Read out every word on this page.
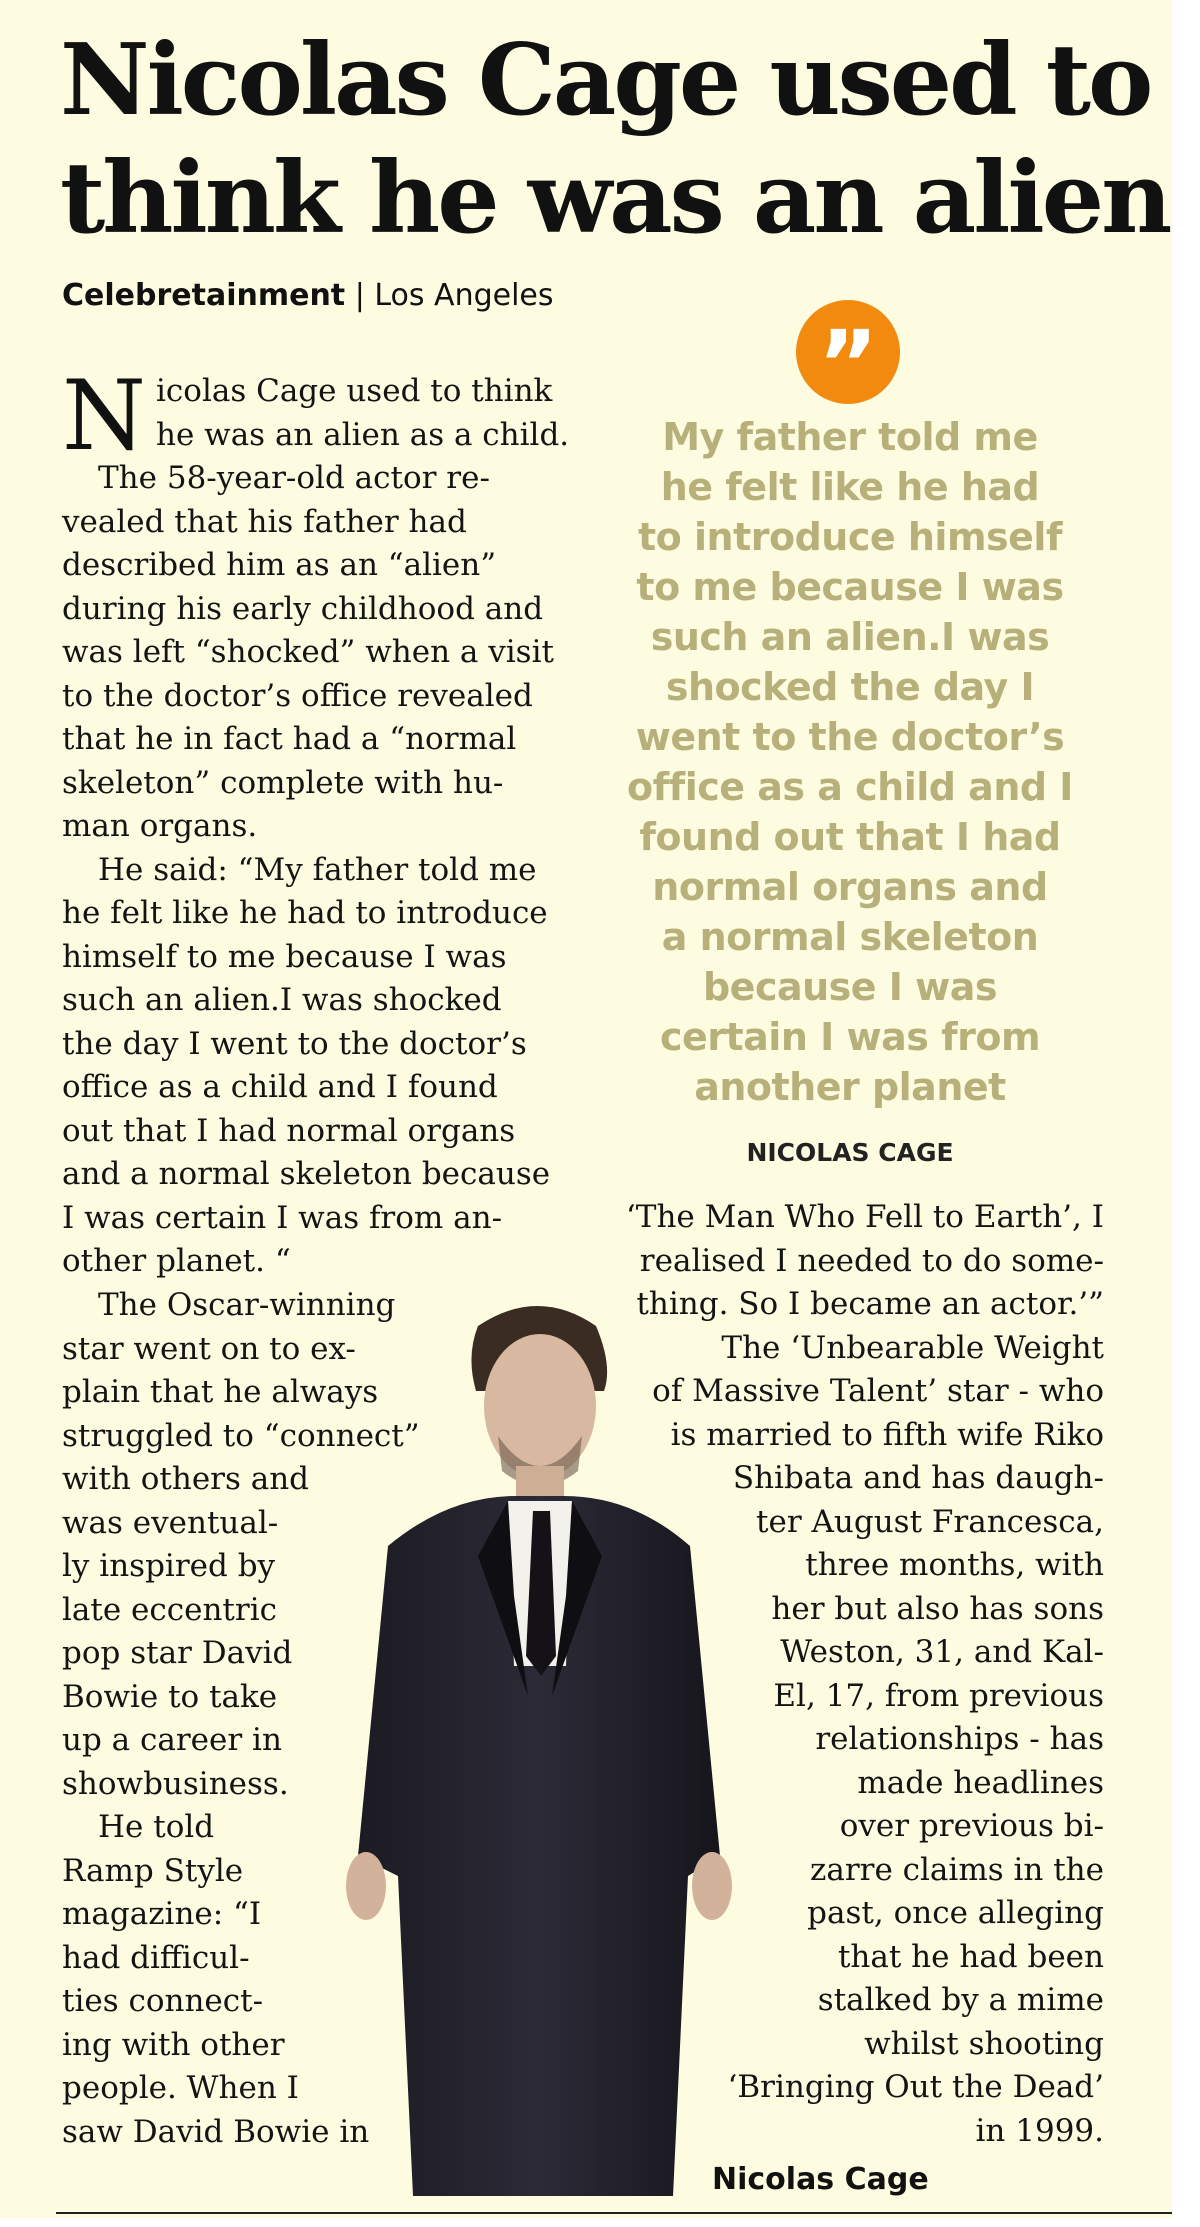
Nicolas Cage used to
think he was an alien
Celebretainment | Los Angeles
N icolas Cage used to think
he was an alien as a child.
The 58-year-old actor re-
vealed that his father had
described him as an “alien”
during his early childhood and
was left “shocked” when a visit
to the doctor’s office revealed
that he in fact had a “normal
skeleton” complete with hu-
man organs.
He said: “My father told me
he felt like he had to introduce
himself to me because I was
such an alien.I was shocked
the day I went to the doctor’s
office as a child and I found
out that I had normal organs
and a normal skeleton because
I was certain I was from an-
other planet. “
The Oscar-winning
star went on to ex-
plain that he always
struggled to “connect”
with others and
was eventual-
ly inspired by
late eccentric
pop star David
Bowie to take
up a career in
showbusiness.
He told
Ramp Style
magazine: “I
had difficul-
ties connect-
ing with other
people. When I
saw David Bowie in
”
My father told me
he felt like he had
to introduce himself
to me because I was
such an alien.I was
shocked the day I
went to the doctor’s
office as a child and I
found out that I had
normal organs and
a normal skeleton
because I was
certain I was from
another planet
NICOLAS CAGE
‘The Man Who Fell to Earth’, I
realised I needed to do some-
thing. So I became an actor.’”
The ‘Unbearable Weight
of Massive Talent’ star - who
is married to fifth wife Riko
Shibata and has daugh-
ter August Francesca,
three months, with
her but also has sons
Weston, 31, and Kal-
El, 17, from previous
relationships - has
made headlines
over previous bi-
zarre claims in the
past, once alleging
that he had been
stalked by a mime
whilst shooting
‘Bringing Out the Dead’
in 1999.
Nicolas Cage
